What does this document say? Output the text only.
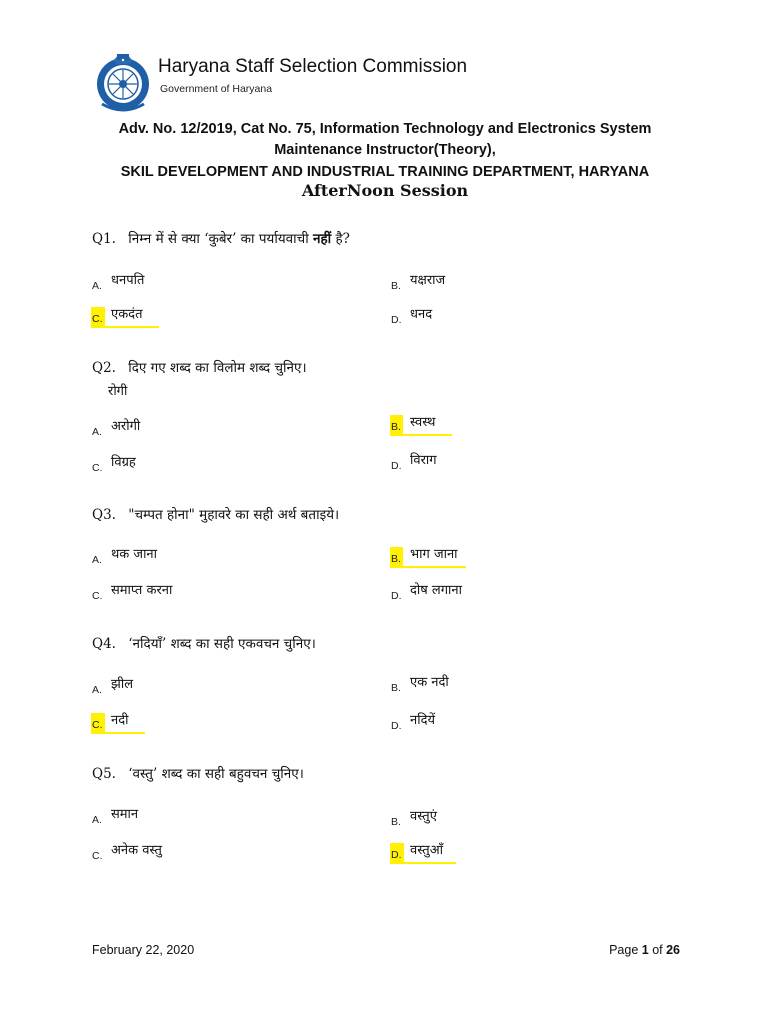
Haryana Staff Selection Commission
Government of Haryana
Adv. No. 12/2019, Cat No. 75, Information Technology and Electronics System
Maintenance Instructor(Theory),
SKIL DEVELOPMENT AND INDUSTRIAL TRAINING DEPARTMENT, HARYANA
AfterNoon Session
Q1. निम्न में से क्या ‘कुबेर’ का पर्यायवाची नहीं है?
A. धनपति	B. यक्षराज
C. एकदंत	D. धनद
Q2. दिए गए शब्द का विलोम शब्द चुनिए।
रोगी
A. अरोगी	B. स्वस्थ
C. विग्रह	D. विराग
Q3. "चम्पत होना" मुहावरे का सही अर्थ बताइये।
A. थक जाना	B. भाग जाना
C. समाप्त करना	D. दोष लगाना
Q4. ‘नदियाँ’ शब्द का सही एकवचन चुनिए।
A. झील	B. एक नदी
C. नदी	D. नदियें
Q5. ‘वस्तु’ शब्द का सही बहुवचन चुनिए।
A. समान	B. वस्तुएं
C. अनेक वस्तु	D. वस्तुआँ
February 22, 2020	Page 1 of 26
